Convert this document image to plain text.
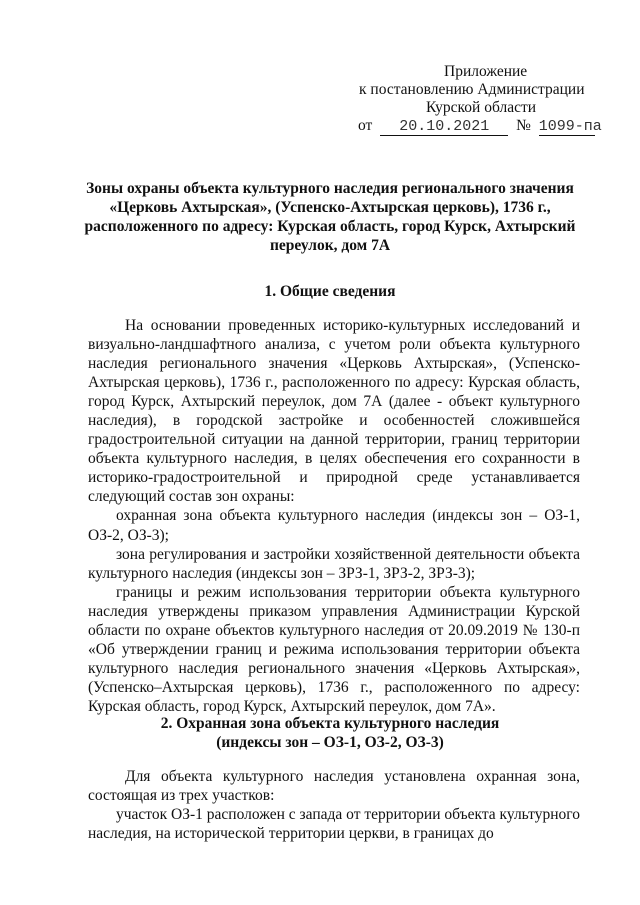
Приложение
к постановлению Администрации
Курской области
от 20.10.2021 № 1099-па
Зоны охраны объекта культурного наследия регионального значения «Церковь Ахтырская», (Успенско-Ахтырская церковь), 1736 г., расположенного по адресу: Курская область, город Курск, Ахтырский переулок, дом 7А
1. Общие сведения

На основании проведенных историко-культурных исследований и визуально-ландшафтного анализа, с учетом роли объекта культурного наследия регионального значения «Церковь Ахтырская», (Успенско-Ахтырская церковь), 1736 г., расположенного по адресу: Курская область, город Курск, Ахтырский переулок, дом 7А (далее - объект культурного наследия), в городской застройке и особенностей сложившейся градостроительной ситуации на данной территории, границ территории объекта культурного наследия, в целях обеспечения его сохранности в историко-градостроительной и природной среде устанавливается следующий состав зон охраны:

охранная зона объекта культурного наследия (индексы зон – ОЗ-1, ОЗ-2, ОЗ-3);

зона регулирования и застройки хозяйственной деятельности объекта культурного наследия (индексы зон – ЗРЗ-1, ЗРЗ-2, ЗРЗ-3);

границы и режим использования территории объекта культурного наследия утверждены приказом управления Администрации Курской области по охране объектов культурного наследия от 20.09.2019 № 130-п «Об утверждении границ и режима использования территории объекта культурного наследия регионального значения «Церковь Ахтырская», (Успенско–Ахтырская церковь), 1736 г., расположенного по адресу: Курская область, город Курск, Ахтырский переулок, дом 7А».

2. Охранная зона объекта культурного наследия
(индексы зон – ОЗ-1, ОЗ-2, ОЗ-3)

Для объекта культурного наследия установлена охранная зона, состоящая из трех участков:

участок ОЗ-1 расположен с запада от территории объекта культурного наследия, на исторической территории церкви, в границах до
